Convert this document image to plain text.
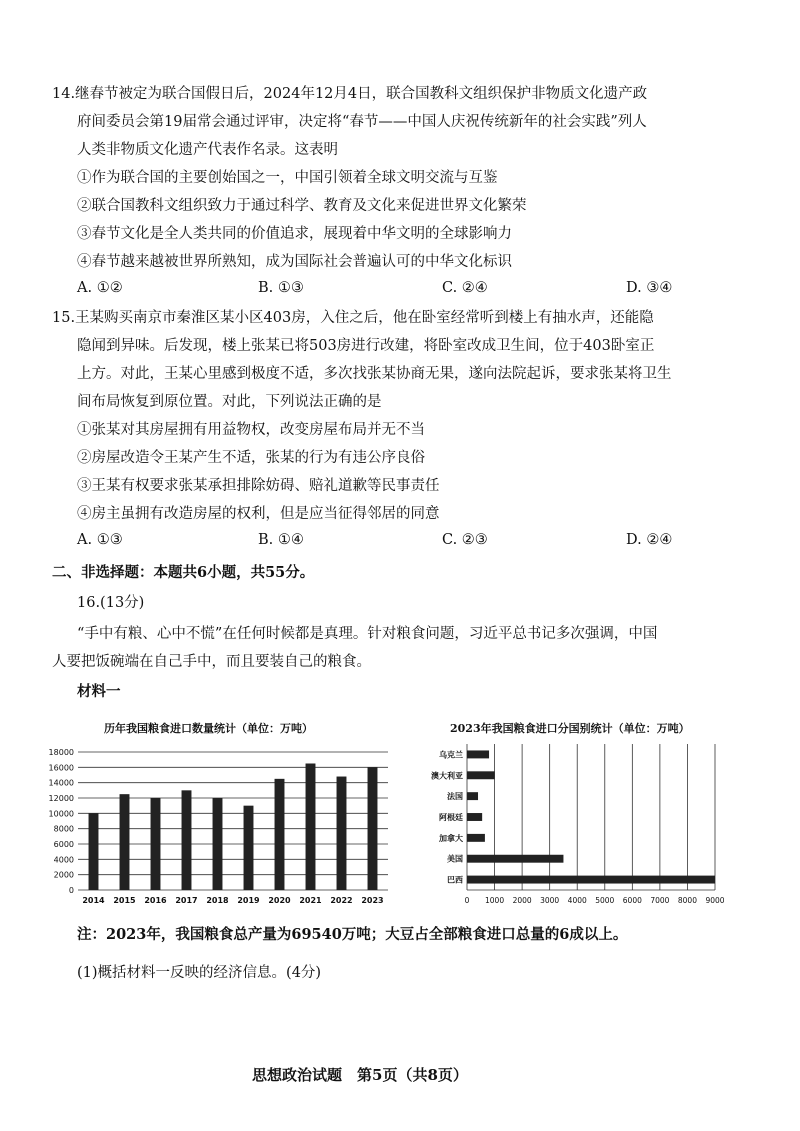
14.继春节被定为联合国假日后，2024年12月4日，联合国教科文组织保护非物质文化遗产政
府间委员会第19届常会通过评审，决定将“春节——中国人庆祝传统新年的社会实践”列人
人类非物质文化遗产代表作名录。这表明
①作为联合国的主要创始国之一，中国引领着全球文明交流与互鉴
②联合国教科文组织致力于通过科学、教育及文化来促进世界文化繁荣
③春节文化是全人类共同的价值追求，展现着中华文明的全球影响力
④春节越来越被世界所熟知，成为国际社会普遍认可的中华文化标识
A. ①②	B. ①③	C. ②④	D. ③④
15.王某购买南京市秦淮区某小区403房，入住之后，他在卧室经常听到楼上有抽水声，还能隐
隐闻到异味。后发现，楼上张某已将503房进行改建，将卧室改成卫生间，位于403卧室正
上方。对此，王某心里感到极度不适，多次找张某协商无果，遂向法院起诉，要求张某将卫生
间布局恢复到原位置。对此，下列说法正确的是
①张某对其房屋拥有用益物权，改变房屋布局并无不当
②房屋改造令王某产生不适，张某的行为有违公序良俗
③王某有权要求张某承担排除妨碍、赔礼道歉等民事责任
④房主虽拥有改造房屋的权利，但是应当征得邻居的同意
A. ①③	B. ①④	C. ②③	D. ②④
二、非选择题：本题共6小题，共55分。
16.(13分)
“手中有粮、心中不慌”在任何时候都是真理。针对粮食问题，习近平总书记多次强调，中国
人要把饭碗端在自己手中，而且要装自己的粮食。
材料一
历年我国粮食进口数量统计（单位：万吨）
0
2000
4000
6000
8000
10000
12000
14000
16000
18000
2014 2015 2016 2017 2018 2019 2020 2021 2022 2023
2023年我国粮食进口分国别统计（单位：万吨）
0 1000 2000 3000 4000 5000 6000 7000 8000 9000
乌克兰
澳大利亚
法国
阿根廷
加拿大
美国
巴西
注：2023年，我国粮食总产量为69540万吨；大豆占全部粮食进口总量的6成以上。
(1)概括材料一反映的经济信息。(4分)
思想政治试题　第5页（共8页）
